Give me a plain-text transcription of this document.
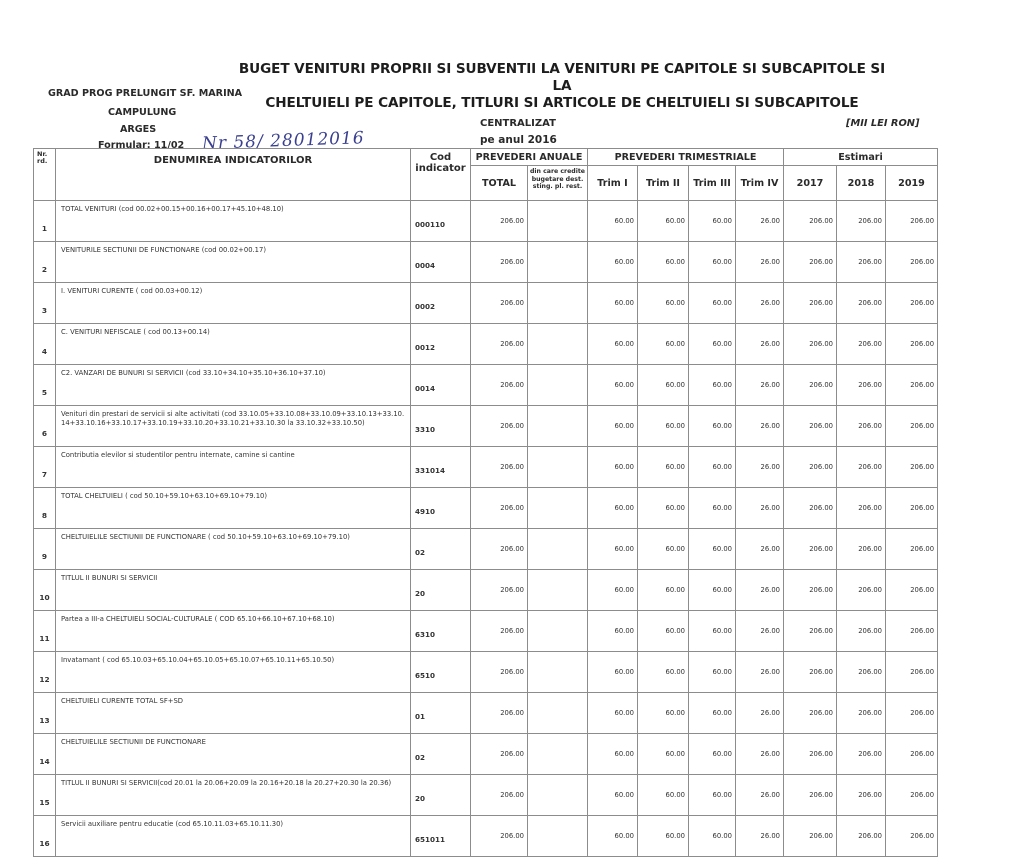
BUGET VENITURI PROPRII SI SUBVENTII LA VENITURI PE CAPITOLE SI SUBCAPITOLE SI LA
CHELTUIELI PE CAPITOLE, TITLURI SI ARTICOLE DE CHELTUIELI SI SUBCAPITOLE
GRAD PROG PRELUNGIT SF. MARINA
CAMPULUNG
ARGES
Formular: 11/02 Nr 58/ 28012016
CENTRALIZAT
pe anul 2016
[MII LEI RON]
Nr. rd.	DENUMIREA INDICATORILOR	Cod indicator	PREVEDERI ANUALE		PREVEDERI TRIMESTRIALE				Estimari		
			TOTAL	din care credite bugetare dest. sting. pl. rest.	Trim I	Trim II	Trim III	Trim IV	2017	2018	2019
1	TOTAL VENITURI (cod 00.02+00.15+00.16+00.17+45.10+48.10)	000110	206.00		60.00	60.00	60.00	26.00	206.00	206.00	206.00
2	VENITURILE SECTIUNII DE FUNCTIONARE (cod 00.02+00.17)	0004	206.00		60.00	60.00	60.00	26.00	206.00	206.00	206.00
3	I. VENITURI CURENTE ( cod 00.03+00.12)	0002	206.00		60.00	60.00	60.00	26.00	206.00	206.00	206.00
4	C. VENITURI NEFISCALE ( cod 00.13+00.14)	0012	206.00		60.00	60.00	60.00	26.00	206.00	206.00	206.00
5	C2. VANZARI DE BUNURI SI SERVICII (cod 33.10+34.10+35.10+36.10+37.10)	0014	206.00		60.00	60.00	60.00	26.00	206.00	206.00	206.00
6	Venituri din prestari de servicii si alte activitati (cod 33.10.05+33.10.08+33.10.09+33.10.13+33.10.14+33.10.16+33.10.17+33.10.19+33.10.20+33.10.21+33.10.30 la 33.10.32+33.10.50)	3310	206.00		60.00	60.00	60.00	26.00	206.00	206.00	206.00
7	Contributia elevilor si studentilor pentru internate, camine si cantine	331014	206.00		60.00	60.00	60.00	26.00	206.00	206.00	206.00
8	TOTAL CHELTUIELI ( cod 50.10+59.10+63.10+69.10+79.10)	4910	206.00		60.00	60.00	60.00	26.00	206.00	206.00	206.00
9	CHELTUIELILE SECTIUNII DE FUNCTIONARE ( cod 50.10+59.10+63.10+69.10+79.10)	02	206.00		60.00	60.00	60.00	26.00	206.00	206.00	206.00
10	TITLUL II BUNURI SI SERVICII	20	206.00		60.00	60.00	60.00	26.00	206.00	206.00	206.00
11	Partea a III-a CHELTUIELI SOCIAL-CULTURALE ( COD 65.10+66.10+67.10+68.10)	6310	206.00		60.00	60.00	60.00	26.00	206.00	206.00	206.00
12	Invatamant ( cod 65.10.03+65.10.04+65.10.05+65.10.07+65.10.11+65.10.50)	6510	206.00		60.00	60.00	60.00	26.00	206.00	206.00	206.00
13	CHELTUIELI CURENTE TOTAL SF+SD	01	206.00		60.00	60.00	60.00	26.00	206.00	206.00	206.00
14	CHELTUIELILE SECTIUNII DE FUNCTIONARE	02	206.00		60.00	60.00	60.00	26.00	206.00	206.00	206.00
15	TITLUL II BUNURI SI SERVICII(cod 20.01 la 20.06+20.09 la 20.16+20.18 la 20.27+20.30 la 20.36)	20	206.00		60.00	60.00	60.00	26.00	206.00	206.00	206.00
16	Servicii auxiliare pentru educatie (cod 65.10.11.03+65.10.11.30)	651011	206.00		60.00	60.00	60.00	26.00	206.00	206.00	206.00
